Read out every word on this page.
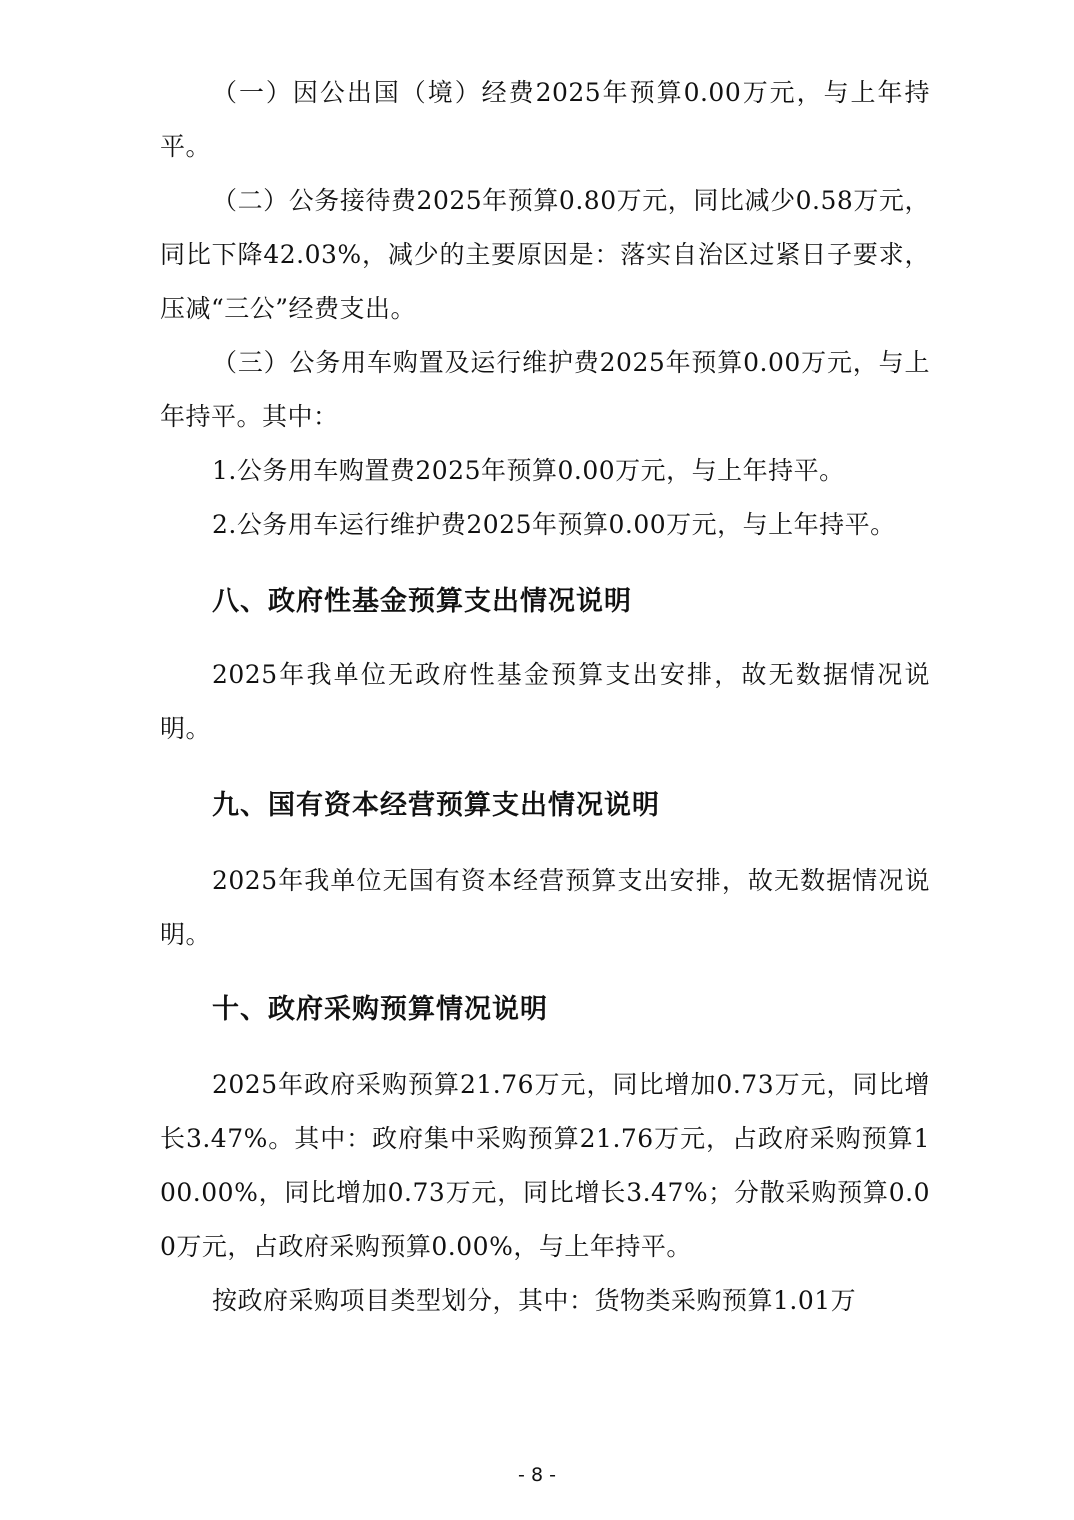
（一）因公出国（境）经费2025年预算0.00万元，与上年持平。

（二）公务接待费2025年预算0.80万元，同比减少0.58万元，同比下降42.03%，减少的主要原因是：落实自治区过紧日子要求，压减“三公”经费支出。

（三）公务用车购置及运行维护费2025年预算0.00万元，与上年持平。其中：

1.公务用车购置费2025年预算0.00万元，与上年持平。

2.公务用车运行维护费2025年预算0.00万元，与上年持平。

八、政府性基金预算支出情况说明

2025年我单位无政府性基金预算支出安排，故无数据情况说明。

九、国有资本经营预算支出情况说明

2025年我单位无国有资本经营预算支出安排，故无数据情况说明。

十、政府采购预算情况说明

2025年政府采购预算21.76万元，同比增加0.73万元，同比增长3.47%。其中：政府集中采购预算21.76万元，占政府采购预算100.00%，同比增加0.73万元，同比增长3.47%；分散采购预算0.00万元，占政府采购预算0.00%，与上年持平。

按政府采购项目类型划分，其中：货物类采购预算1.01万

- 8 -
